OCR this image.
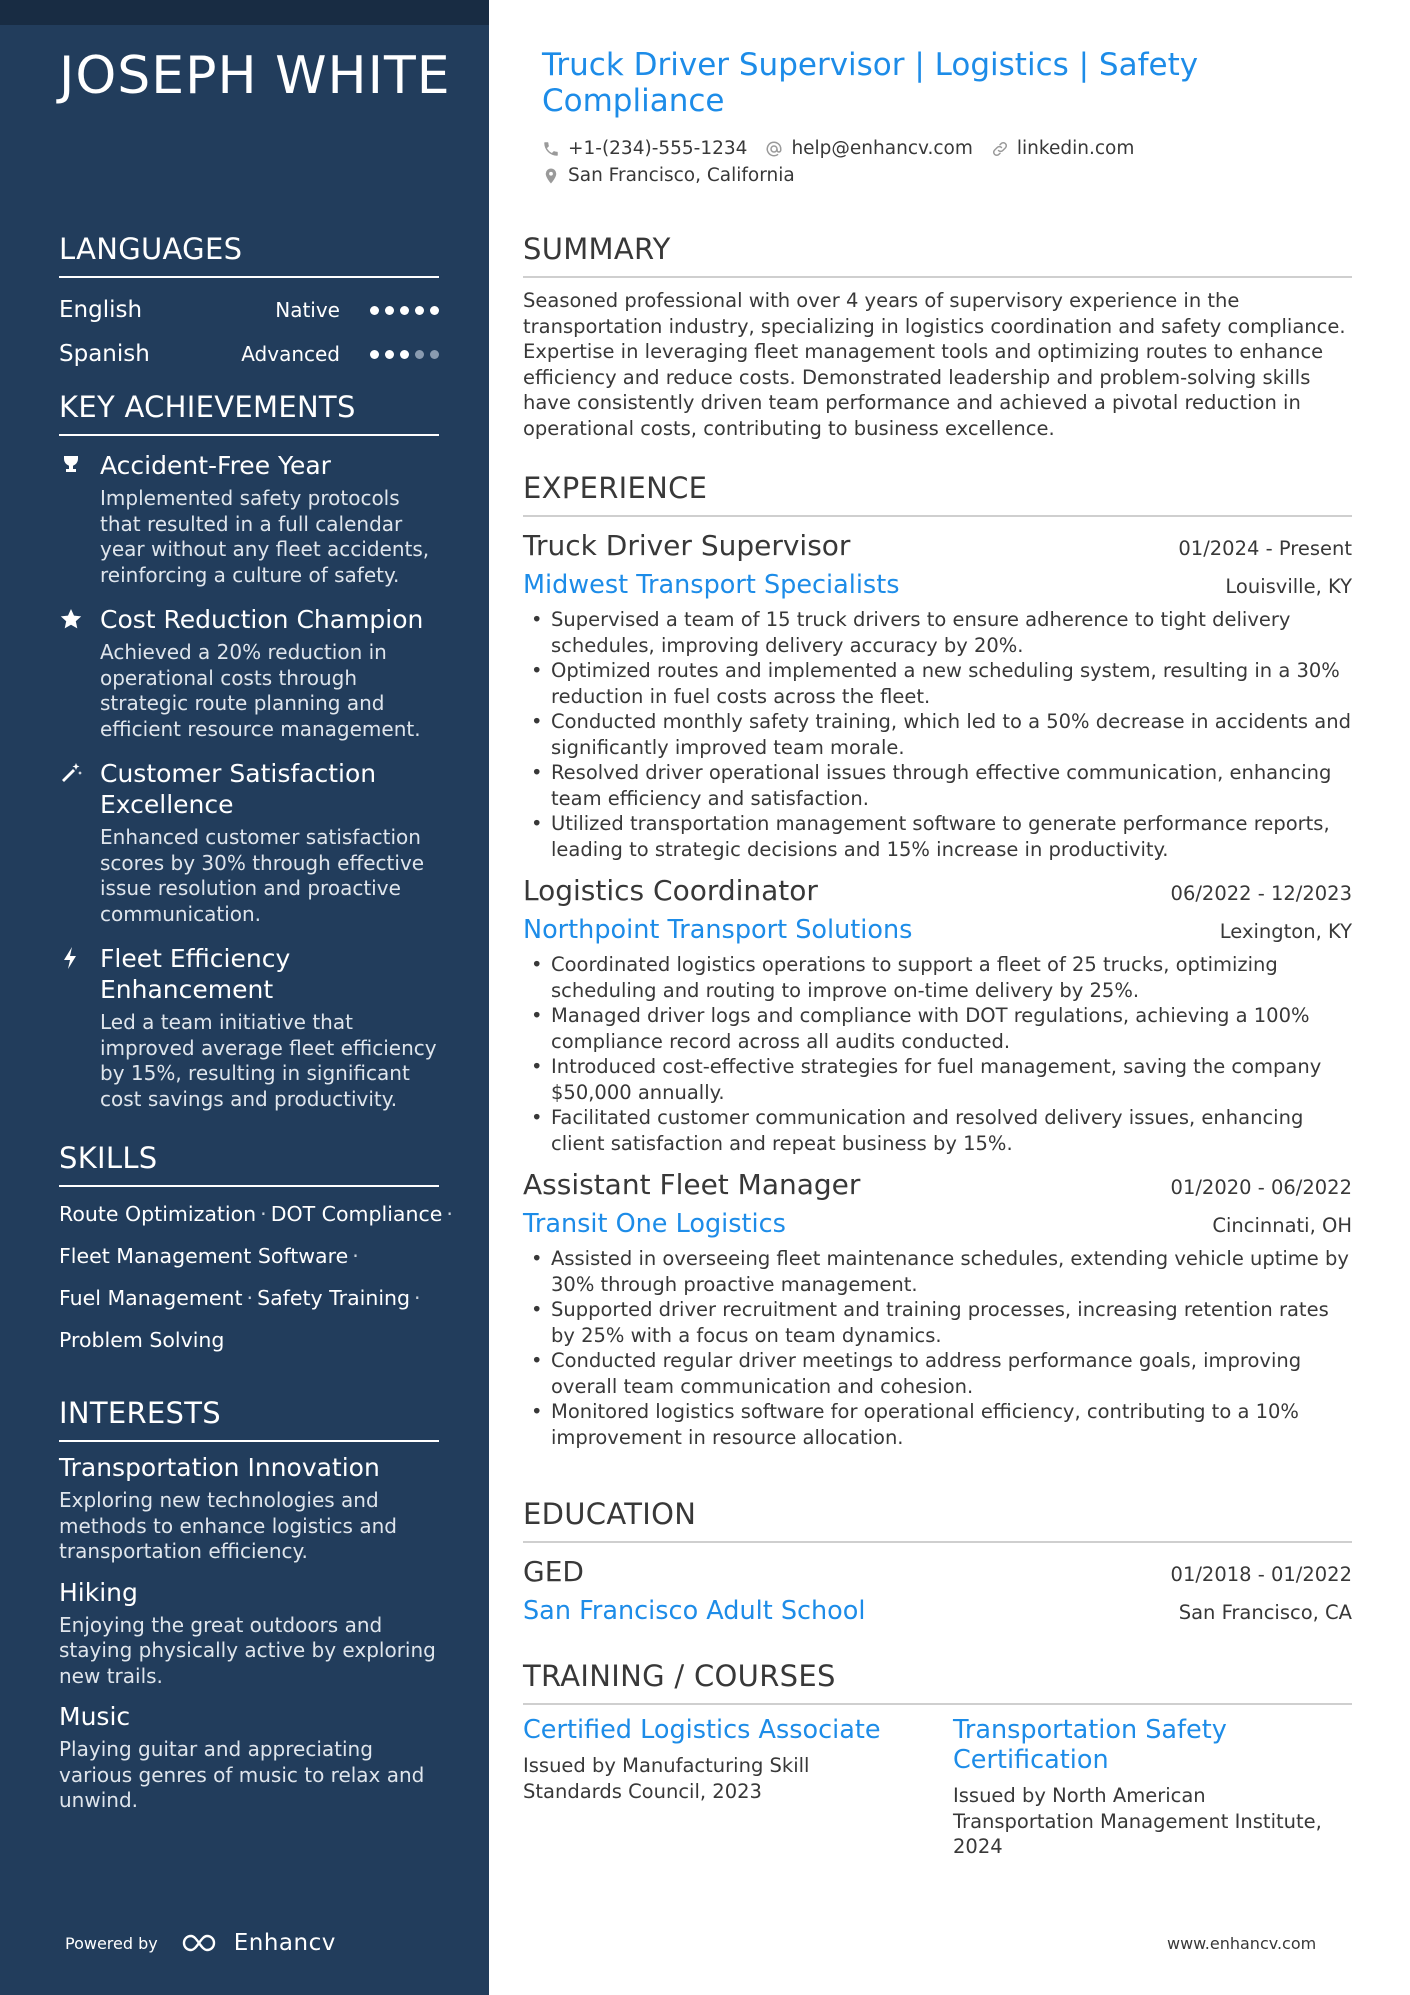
JOSEPH WHITE
LANGUAGES
English	Native
Spanish	Advanced
KEY ACHIEVEMENTS
Accident-Free Year
Implemented safety protocols that resulted in a full calendar year without any fleet accidents, reinforcing a culture of safety.
Cost Reduction Champion
Achieved a 20% reduction in operational costs through strategic route planning and efficient resource management.
Customer Satisfaction Excellence
Enhanced customer satisfaction scores by 30% through effective issue resolution and proactive communication.
Fleet Efficiency Enhancement
Led a team initiative that improved average fleet efficiency by 15%, resulting in significant cost savings and productivity.
SKILLS
Route Optimization · DOT Compliance ·
Fleet Management Software ·
Fuel Management · Safety Training ·
Problem Solving
INTERESTS
Transportation Innovation
Exploring new technologies and methods to enhance logistics and transportation efficiency.
Hiking
Enjoying the great outdoors and staying physically active by exploring new trails.
Music
Playing guitar and appreciating various genres of music to relax and unwind.
Powered by	Enhancv
Truck Driver Supervisor | Logistics | Safety Compliance
+1-(234)-555-1234 help@enhancv.com linkedin.com
San Francisco, California
SUMMARY

Seasoned professional with over 4 years of supervisory experience in the transportation industry, specializing in logistics coordination and safety compliance. Expertise in leveraging fleet management tools and optimizing routes to enhance efficiency and reduce costs. Demonstrated leadership and problem-solving skills have consistently driven team performance and achieved a pivotal reduction in operational costs, contributing to business excellence.

EXPERIENCE
Truck Driver Supervisor	01/2024 - Present
Midwest Transport Specialists	Louisville, KY
• Supervised a team of 15 truck drivers to ensure adherence to tight delivery schedules, improving delivery accuracy by 20%.
• Optimized routes and implemented a new scheduling system, resulting in a 30% reduction in fuel costs across the fleet.
• Conducted monthly safety training, which led to a 50% decrease in accidents and significantly improved team morale.
• Resolved driver operational issues through effective communication, enhancing team efficiency and satisfaction.
• Utilized transportation management software to generate performance reports, leading to strategic decisions and 15% increase in productivity.
Logistics Coordinator	06/2022 - 12/2023
Northpoint Transport Solutions	Lexington, KY
• Coordinated logistics operations to support a fleet of 25 trucks, optimizing scheduling and routing to improve on-time delivery by 25%.
• Managed driver logs and compliance with DOT regulations, achieving a 100% compliance record across all audits conducted.
• Introduced cost-effective strategies for fuel management, saving the company $50,000 annually.
• Facilitated customer communication and resolved delivery issues, enhancing client satisfaction and repeat business by 15%.
Assistant Fleet Manager	01/2020 - 06/2022
Transit One Logistics	Cincinnati, OH
• Assisted in overseeing fleet maintenance schedules, extending vehicle uptime by 30% through proactive management.
• Supported driver recruitment and training processes, increasing retention rates by 25% with a focus on team dynamics.
• Conducted regular driver meetings to address performance goals, improving overall team communication and cohesion.
• Monitored logistics software for operational efficiency, contributing to a 10% improvement in resource allocation.
EDUCATION
GED	01/2018 - 01/2022
San Francisco Adult School	San Francisco, CA
TRAINING / COURSES
Certified Logistics Associate
Issued by Manufacturing Skill Standards Council, 2023
Transportation Safety Certification
Issued by North American Transportation Management Institute, 2024
www.enhancv.com
